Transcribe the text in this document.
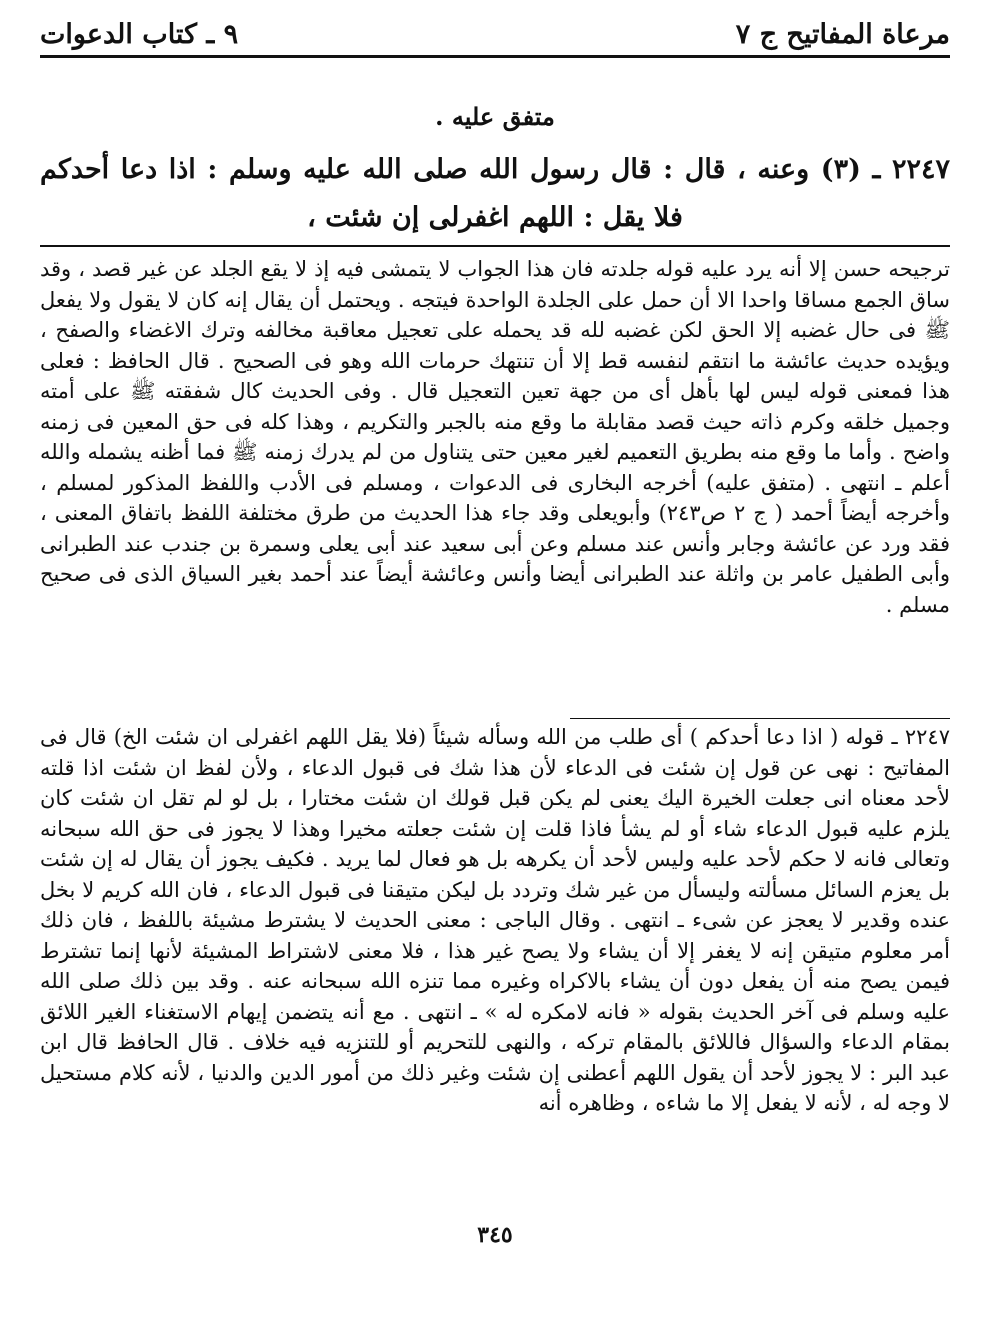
مرعاة المفاتيح ج ٧
٩ ـ كتاب الدعوات
متفق عليه .
٢٢٤٧ ـ (٣) وعنه ، قال : قال رسول الله صلى الله عليه وسلم : اذا دعا أحدكم فلا يقل : اللهم اغفرلى إن شئت ،
ترجيحه حسن إلا أنه يرد عليه قوله جلدته فان هذا الجواب لا يتمشى فيه إذ لا يقع الجلد عن غير قصد ، وقد ساق الجمع مساقا واحدا الا أن حمل على الجلدة الواحدة فيتجه . ويحتمل أن يقال إنه كان لا يقول ولا يفعل ﷺ فى حال غضبه إلا الحق لكن غضبه لله قد يحمله على تعجيل معاقبة مخالفه وترك الاغضاء والصفح ، ويؤيده حديث عائشة ما انتقم لنفسه قط إلا أن تنتهك حرمات الله وهو فى الصحيح . قال الحافظ : فعلى هذا فمعنى قوله ليس لها بأهل أى من جهة تعين التعجيل قال . وفى الحديث كال شفقته ﷺ على أمته وجميل خلقه وكرم ذاته حيث قصد مقابلة ما وقع منه بالجبر والتكريم ، وهذا كله فى حق المعين فى زمنه واضح . وأما ما وقع منه بطريق التعميم لغير معين حتى يتناول من لم يدرك زمنه ﷺ فما أظنه يشمله والله أعلم ـ انتهى . (متفق عليه) أخرجه البخارى فى الدعوات ، ومسلم فى الأدب واللفظ المذكور لمسلم ، وأخرجه أيضاً أحمد ( ج ٢ ص٢٤٣) وأبويعلى وقد جاء هذا الحديث من طرق مختلفة اللفظ باتفاق المعنى ، فقد ورد عن عائشة وجابر وأنس عند مسلم وعن أبى سعيد عند أبى يعلى وسمرة بن جندب عند الطبرانى وأبى الطفيل عامر بن واثلة عند الطبرانى أيضا وأنس وعائشة أيضاً عند أحمد بغير السياق الذى فى صحيح مسلم .
٢٢٤٧ ـ قوله ( اذا دعا أحدكم ) أى طلب من الله وسأله شيئاً (فلا يقل اللهم اغفرلى ان شئت الخ) قال فى المفاتيح : نهى عن قول إن شئت فى الدعاء لأن هذا شك فى قبول الدعاء ، ولأن لفظ ان شئت اذا قلته لأحد معناه انى جعلت الخيرة اليك يعنى لم يكن قبل قولك ان شئت مختارا ، بل لو لم تقل ان شئت كان يلزم عليه قبول الدعاء شاء أو لم يشأ فاذا قلت إن شئت جعلته مخيرا وهذا لا يجوز فى حق الله سبحانه وتعالى فانه لا حكم لأحد عليه وليس لأحد أن يكرهه بل هو فعال لما يريد . فكيف يجوز أن يقال له إن شئت بل يعزم السائل مسألته وليسأل من غير شك وتردد بل ليكن متيقنا فى قبول الدعاء ، فان الله كريم لا بخل عنده وقدير لا يعجز عن شىء ـ انتهى . وقال الباجى : معنى الحديث لا يشترط مشيئة باللفظ ، فان ذلك أمر معلوم متيقن إنه لا يغفر إلا أن يشاء ولا يصح غير هذا ، فلا معنى لاشتراط المشيئة لأنها إنما تشترط فيمن يصح منه أن يفعل دون أن يشاء بالاكراه وغيره مما تنزه الله سبحانه عنه . وقد بين ذلك صلى الله عليه وسلم فى آخر الحديث بقوله « فانه لامكره له » ـ انتهى . مع أنه يتضمن إيهام الاستغناء الغير اللائق بمقام الدعاء والسؤال فاللائق بالمقام تركه ، والنهى للتحريم أو للتنزيه فيه خلاف . قال الحافظ قال ابن عبد البر : لا يجوز لأحد أن يقول اللهم أعطنى إن شئت وغير ذلك من أمور الدين والدنيا ، لأنه كلام مستحيل لا وجه له ، لأنه لا يفعل إلا ما شاءه ، وظاهره أنه
٣٤٥
